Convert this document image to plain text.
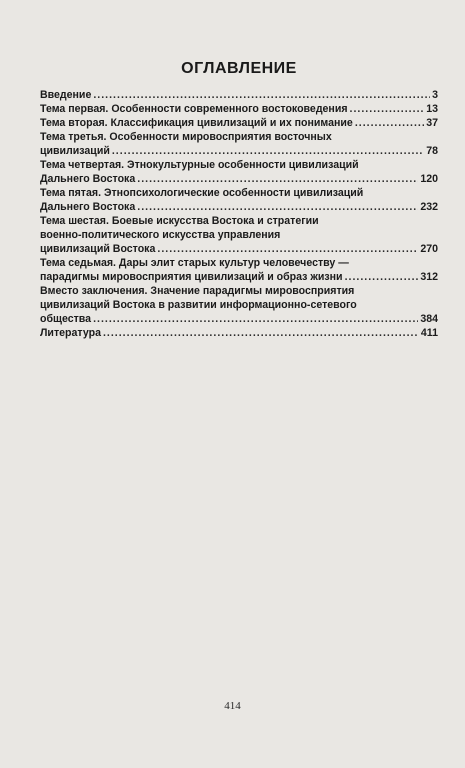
ОГЛАВЛЕНИЕ
Введение .....	3
Тема первая. Особенности современного востоковедения .....	13
Тема вторая. Классификация цивилизаций и их понимание .....	37
Тема третья. Особенности мировосприятия восточных
цивилизаций .....	78
Тема четвертая. Этнокультурные особенности цивилизаций
Дальнего Востока .....	120
Тема пятая. Этнопсихологические особенности цивилизаций
Дальнего Востока .....	232
Тема шестая. Боевые искусства Востока и стратегии
военно-политического искусства управления
цивилизаций Востока .....	270
Тема седьмая. Дары элит старых культур человечеству —
парадигмы мировосприятия цивилизаций и образ жизни .....	312
Вместо заключения. Значение парадигмы мировосприятия
цивилизаций Востока в развитии информационно-сетевого
общества .....	384
Литература .....	411
414
